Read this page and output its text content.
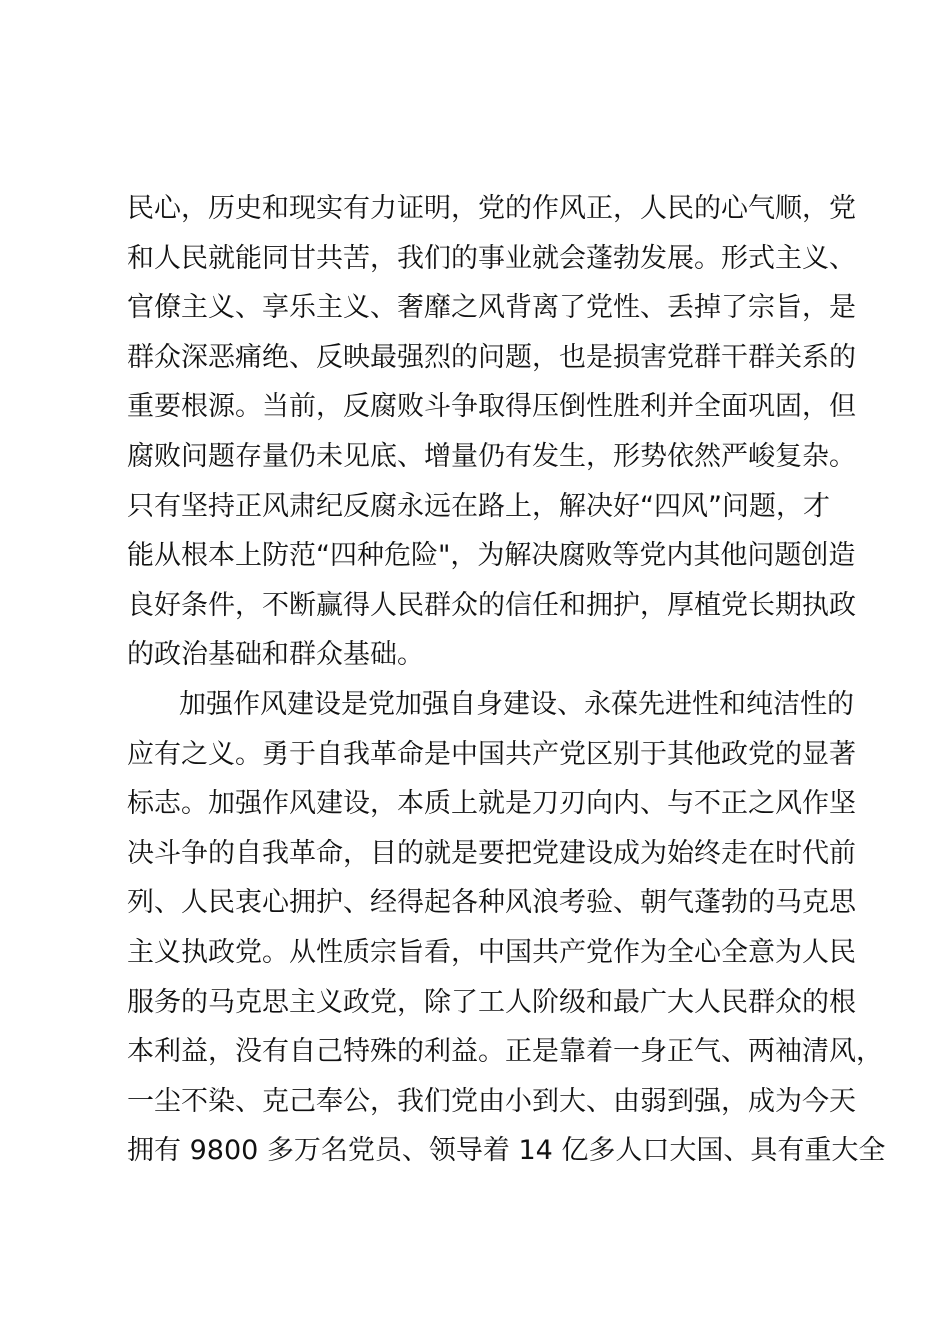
民心，历史和现实有力证明，党的作风正，人民的心气顺，党
和人民就能同甘共苦，我们的事业就会蓬勃发展。形式主义、
官僚主义、享乐主义、奢靡之风背离了党性、丢掉了宗旨，是
群众深恶痛绝、反映最强烈的问题，也是损害党群干群关系的
重要根源。当前，反腐败斗争取得压倒性胜利并全面巩固，但
腐败问题存量仍未见底、增量仍有发生，形势依然严峻复杂。
只有坚持正风肃纪反腐永远在路上，解决好“四风”问题，才
能从根本上防范“四种危险"，为解决腐败等党内其他问题创造
良好条件，不断赢得人民群众的信任和拥护，厚植党长期执政
的政治基础和群众基础。
加强作风建设是党加强自身建设、永葆先进性和纯洁性的
应有之义。勇于自我革命是中国共产党区别于其他政党的显著
标志。加强作风建设，本质上就是刀刃向内、与不正之风作坚
决斗争的自我革命，目的就是要把党建设成为始终走在时代前
列、人民衷心拥护、经得起各种风浪考验、朝气蓬勃的马克思
主义执政党。从性质宗旨看，中国共产党作为全心全意为人民
服务的马克思主义政党，除了工人阶级和最广大人民群众的根
本利益，没有自己特殊的利益。正是靠着一身正气、两袖清风，
一尘不染、克己奉公，我们党由小到大、由弱到强，成为今天
拥有 9800 多万名党员、领导着 14 亿多人口大国、具有重大全
